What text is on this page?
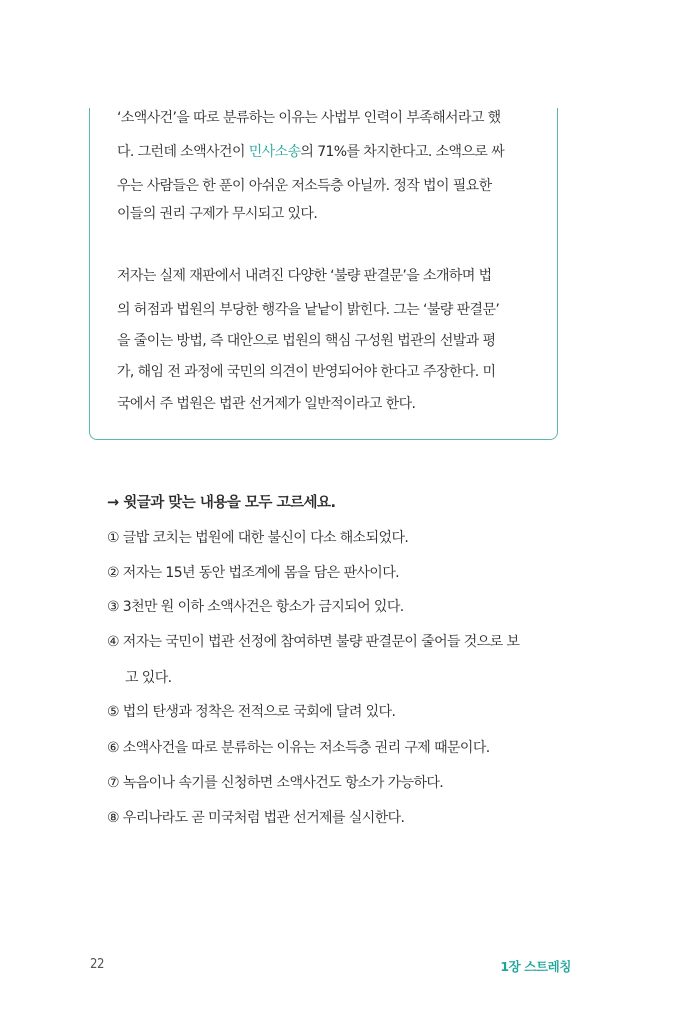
‘소액사건’을 따로 분류하는 이유는 사법부 인력이 부족해서라고 했
다. 그런데 소액사건이 민사소송의 71%를 차지한다고. 소액으로 싸
우는 사람들은 한 푼이 아쉬운 저소득층 아닐까. 정작 법이 필요한
이들의 권리 구제가 무시되고 있다.
저자는 실제 재판에서 내려진 다양한 ‘불량 판결문’을 소개하며 법
의 허점과 법원의 부당한 행각을 낱낱이 밝힌다. 그는 ‘불량 판결문’
을 줄이는 방법, 즉 대안으로 법원의 핵심 구성원 법관의 선발과 평
가, 해임 전 과정에 국민의 의견이 반영되어야 한다고 주장한다. 미
국에서 주 법원은 법관 선거제가 일반적이라고 한다.
→ 윗글과 맞는 내용을 모두 고르세요.
① 글밥 코치는 법원에 대한 불신이 다소 해소되었다.
② 저자는 15년 동안 법조계에 몸을 담은 판사이다.
③ 3천만 원 이하 소액사건은 항소가 금지되어 있다.
④ 저자는 국민이 법관 선정에 참여하면 불량 판결문이 줄어들 것으로 보
고 있다.
⑤ 법의 탄생과 정착은 전적으로 국회에 달려 있다.
⑥ 소액사건을 따로 분류하는 이유는 저소득층 권리 구제 때문이다.
⑦ 녹음이나 속기를 신청하면 소액사건도 항소가 가능하다.
⑧ 우리나라도 곧 미국처럼 법관 선거제를 실시한다.
22	1장 스트레칭
